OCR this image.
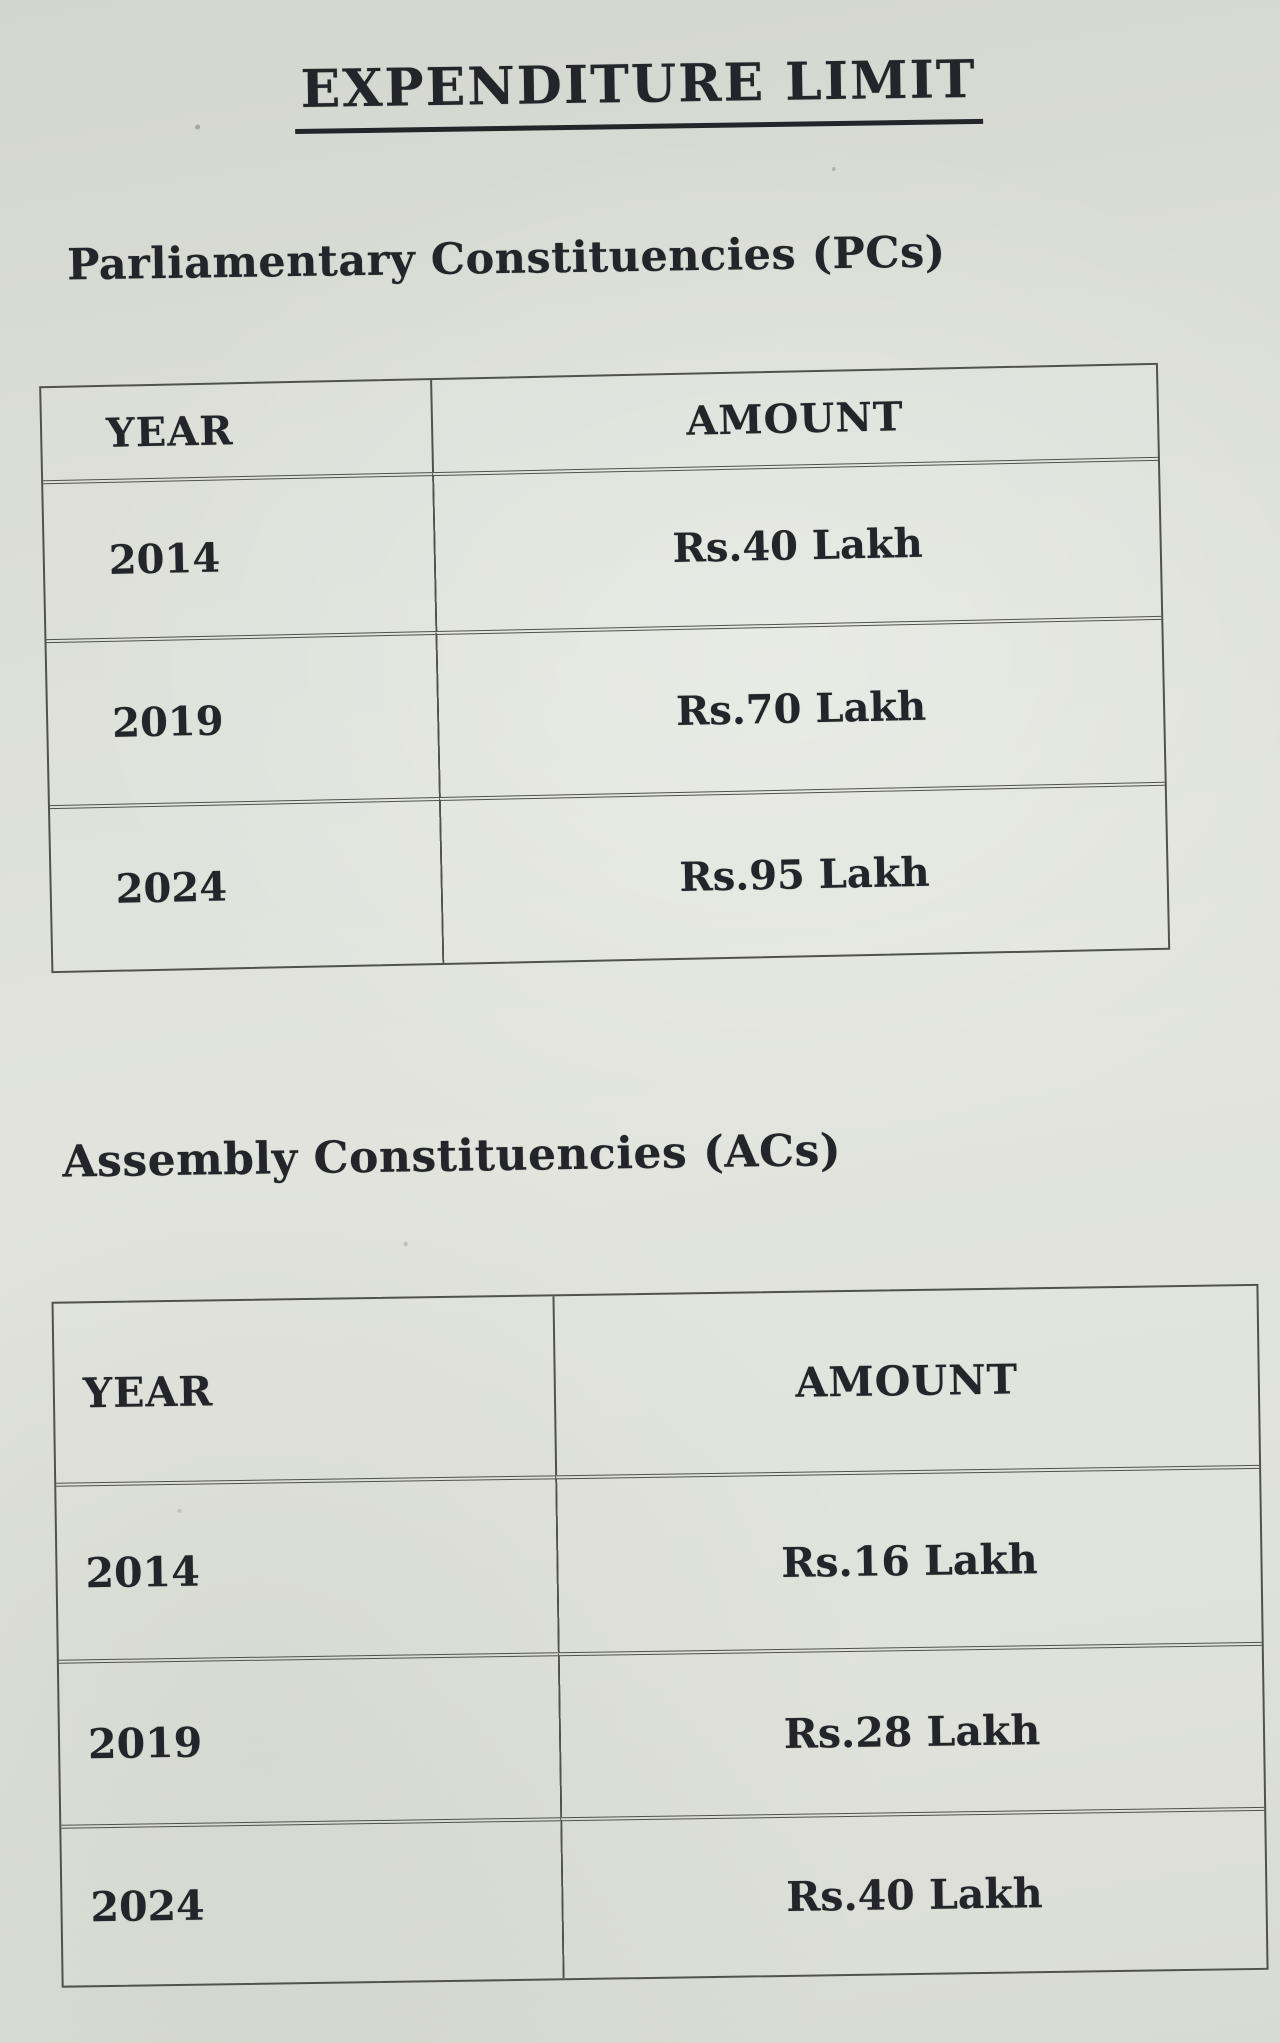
EXPENDITURE LIMIT
Parliamentary Constituencies (PCs)
YEAR	AMOUNT
2014	Rs.40 Lakh
2019	Rs.70 Lakh
2024	Rs.95 Lakh
Assembly Constituencies (ACs)
YEAR	AMOUNT
2014	Rs.16 Lakh
2019	Rs.28 Lakh
2024	Rs.40 Lakh
